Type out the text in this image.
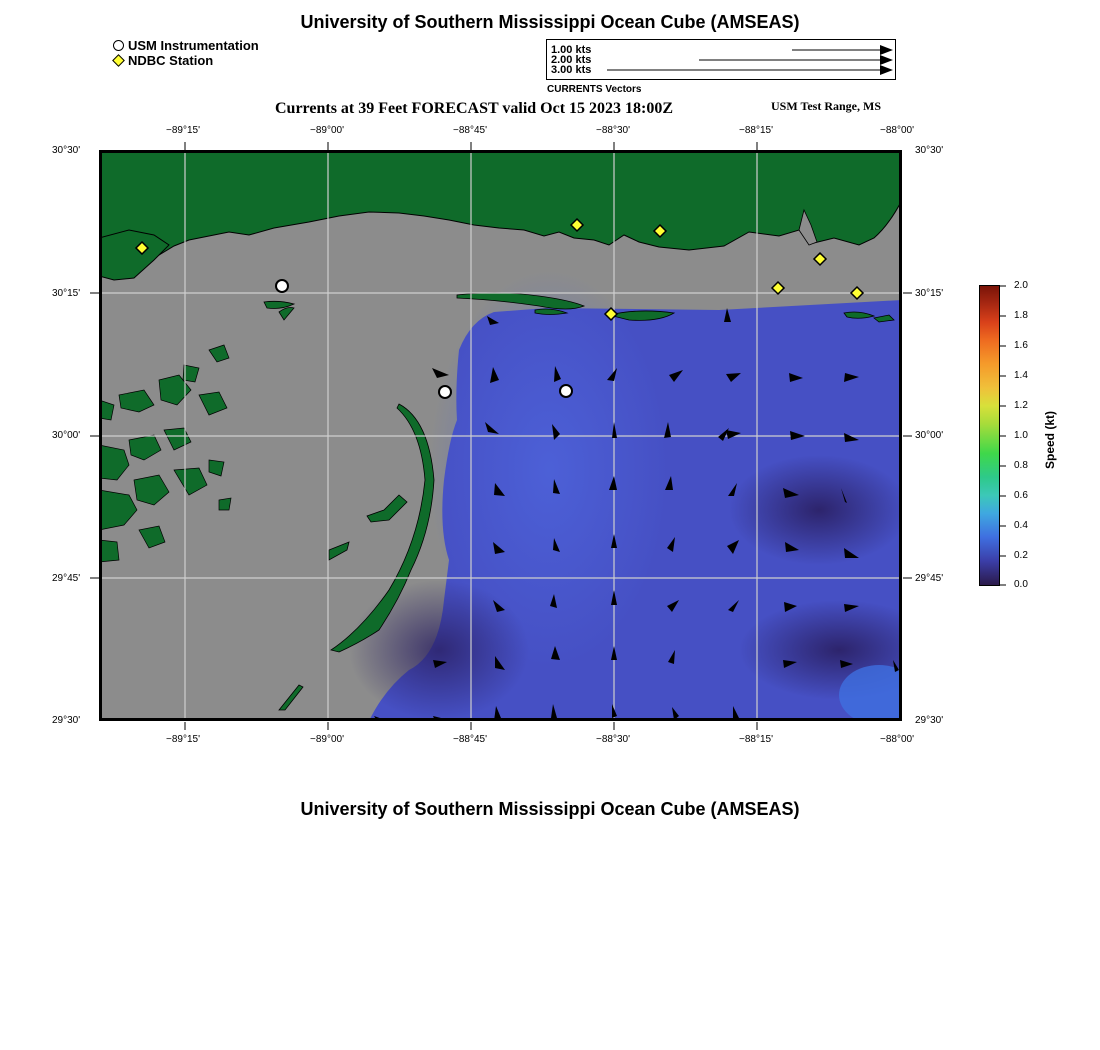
University of Southern Mississippi Ocean Cube (AMSEAS)
USM Instrumentation
NDBC Station
1.00 kts
2.00 kts
3.00 kts
CURRENTS Vectors
Currents at 39 Feet FORECAST valid Oct 15 2023 18:00Z	USM Test Range, MS
−89°15'	−89°00'	−88°45'	−88°30'	−88°15'	−88°00'
−89°15'	−89°00'	−88°45'	−88°30'	−88°15'	−88°00'
30°30'
30°15'
30°00'
29°45'
29°30'
30°30'
30°15'
30°00'
29°45'
29°30'
2.0
1.8
1.6
1.4
1.2
1.0
0.8
0.6
0.4
0.2
0.0
Speed (kt)
University of Southern Mississippi Ocean Cube (AMSEAS)
